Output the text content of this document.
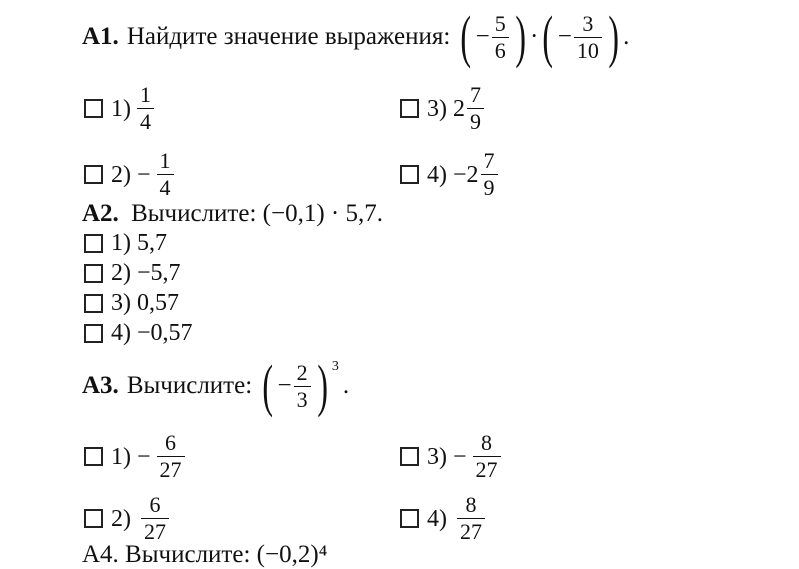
A1. Найдите значение выражения: ( − $\frac{5}{6}$ ) · ( − $\frac{3}{10}$ ) .
$1) \frac{1}{4}$	3) $2 \frac{7}{9}$
$2) - \frac{1}{4}$	$4) - 2 \frac{7}{9}$
A2. Вычислите: (−0,1) · 5,7.
1) 5,7
2) −5,7
3) 0,57
4) −0,57
A3. Вычислите: ( − $\frac{2}{3}$ ) 3
.
$1) - \frac{6}{27}$	$3) - \frac{8}{27}$
$2) \frac{6}{27}$	$4) \frac{8}{27}$
А4. Вычислите: (−0,2)⁴
